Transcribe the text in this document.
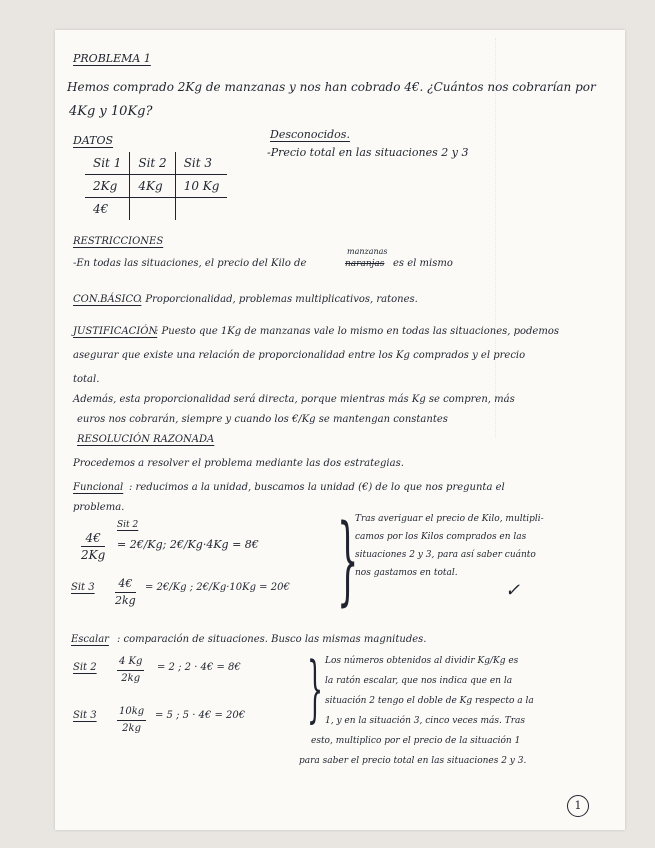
PROBLEMA 1
Hemos comprado 2Kg de manzanas y nos han cobrado 4€. ¿Cuántos nos cobrarían por
4Kg y 10Kg?
DATOS
Sit 1	Sit 2	Sit 3
2Kg	4Kg	10 Kg
4€		
Desconocidos.
-Precio total en las situaciones 2 y 3
RESTRICCIONES
-En todas las situaciones, el precio del Kilo de
manzanas
naranjas es el mismo
CON.BÁSICO
. Proporcionalidad, problemas multiplicativos, ratones.
JUSTIFICACIÓN
: Puesto que 1Kg de manzanas vale lo mismo en todas las situaciones, podemos
asegurar que existe una relación de proporcionalidad entre los Kg comprados y el precio
total.
Además, esta proporcionalidad será directa, porque mientras más Kg se compren, más
euros nos cobrarán, siempre y cuando los €/Kg se mantengan constantes
RESOLUCIÓN RAZONADA
Procedemos a resolver el problema mediante las dos estrategias.
Funcional : reducimos a la unidad, buscamos la unidad (€) de lo que nos pregunta el
problema.
Sit 2
$\frac{4€}{2Kg}$ = 2€/Kg; 2€/Kg·4Kg = 8€
Sit $3 \frac{4€}{2kg}$ = 2€/Kg ; 2€/Kg·10Kg = 20€ }
Tras averiguar el precio de Kilo, multipli-
camos por los Kilos comprados en las
situaciones 2 y 3, para así saber cuánto
nos gastamos en total.
✓
Escalar : comparación de situaciones. Busco las mismas magnitudes.
Sit $2 \frac{4 Kg}{2kg} = 2$ ; 2 · 4€ = 8€
Sit $3 \frac{10kg}{2kg} = 5$ ; 5 · 4€ = 20€ } Los números obtenidos al dividir Kg/Kg es
la ratón escalar, que nos indica que en la
situación 2 tengo el doble de Kg respecto a la
1, y en la situación 3, cinco veces más. Tras
esto, multiplico por el precio de la situación 1
para saber el precio total en las situaciones 2 y 3.
1
